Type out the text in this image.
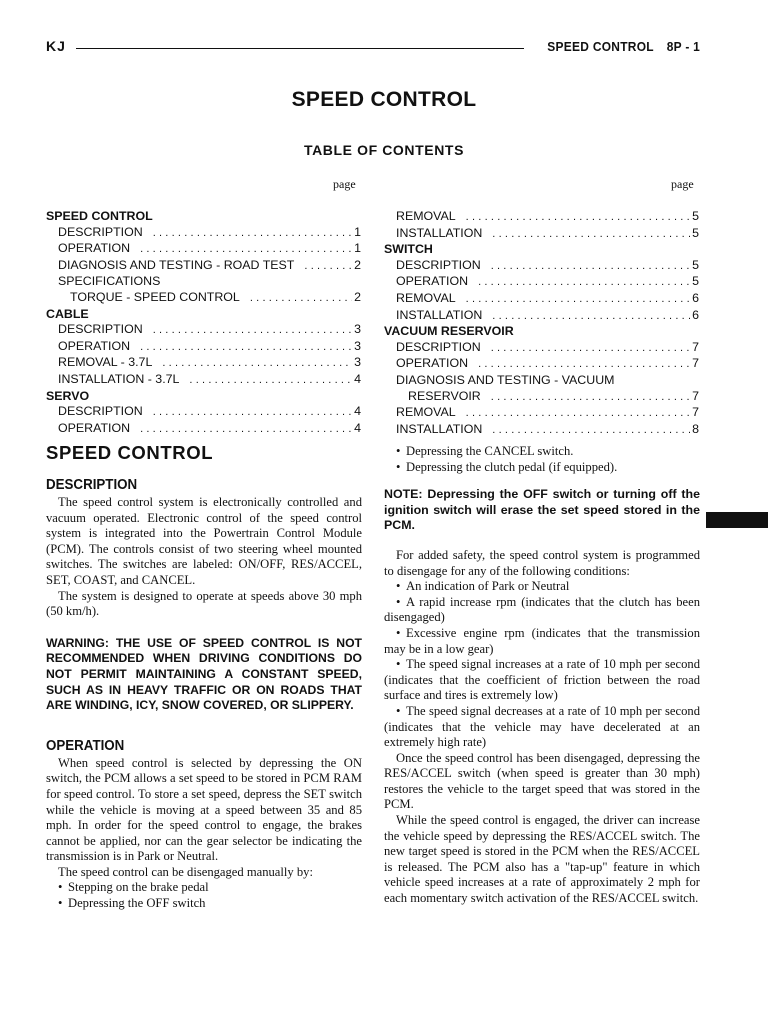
KJ	SPEED CONTROL 8P - 1
SPEED CONTROL
TABLE OF CONTENTS
page	page
SPEED CONTROL
DESCRIPTION . . .	1
OPERATION . . .	1
DIAGNOSIS AND TESTING - ROAD TEST . . .	2
SPECIFICATIONS
TORQUE - SPEED CONTROL . . .	2
CABLE
DESCRIPTION . . .	3
OPERATION . . .	3
REMOVAL - 3.7L . . .	3
INSTALLATION - 3.7L . . .	4
SERVO
DESCRIPTION . . .	4
OPERATION . . .	4
REMOVAL . . .	5
INSTALLATION . . .	5
SWITCH
DESCRIPTION . . .	5
OPERATION . . .	5
REMOVAL . . .	6
INSTALLATION . . .	6
VACUUM RESERVOIR
DESCRIPTION . . .	7
OPERATION . . .	7
DIAGNOSIS AND TESTING - VACUUM
RESERVOIR . . .	7
REMOVAL . . .	7
INSTALLATION . . .	8
SPEED CONTROL
DESCRIPTION

The speed control system is electronically controlled and vacuum operated. Electronic control of the speed control system is integrated into the Powertrain Control Module (PCM). The controls consist of two steering wheel mounted switches. The switches are labeled: ON/OFF, RES/ACCEL, SET, COAST, and CANCEL.

The system is designed to operate at speeds above 30 mph (50 km/h).

WARNING: THE USE OF SPEED CONTROL IS NOT RECOMMENDED WHEN DRIVING CONDITIONS DO NOT PERMIT MAINTAINING A CONSTANT SPEED, SUCH AS IN HEAVY TRAFFIC OR ON ROADS THAT ARE WINDING, ICY, SNOW COVERED, OR SLIPPERY.

OPERATION

When speed control is selected by depressing the ON switch, the PCM allows a set speed to be stored in PCM RAM for speed control. To store a set speed, depress the SET switch while the vehicle is moving at a speed between 35 and 85 mph. In order for the speed control to engage, the brakes cannot be applied, nor can the gear selector be indicating the transmission is in Park or Neutral.

The speed control can be disengaged manually by:

• Stepping on the brake pedal

• Depressing the OFF switch

• Depressing the CANCEL switch.

• Depressing the clutch pedal (if equipped).

NOTE: Depressing the OFF switch or turning off the ignition switch will erase the set speed stored in the PCM.

For added safety, the speed control system is programmed to disengage for any of the following conditions:

• An indication of Park or Neutral

• A rapid increase rpm (indicates that the clutch has been disengaged)

• Excessive engine rpm (indicates that the transmission may be in a low gear)

• The speed signal increases at a rate of 10 mph per second (indicates that the coefficient of friction between the road surface and tires is extremely low)

• The speed signal decreases at a rate of 10 mph per second (indicates that the vehicle may have decelerated at an extremely high rate)

Once the speed control has been disengaged, depressing the RES/ACCEL switch (when speed is greater than 30 mph) restores the vehicle to the target speed that was stored in the PCM.

While the speed control is engaged, the driver can increase the vehicle speed by depressing the RES/ACCEL switch. The new target speed is stored in the PCM when the RES/ACCEL is released. The PCM also has a "tap-up" feature in which vehicle speed increases at a rate of approximately 2 mph for each momentary switch activation of the RES/ACCEL switch.
